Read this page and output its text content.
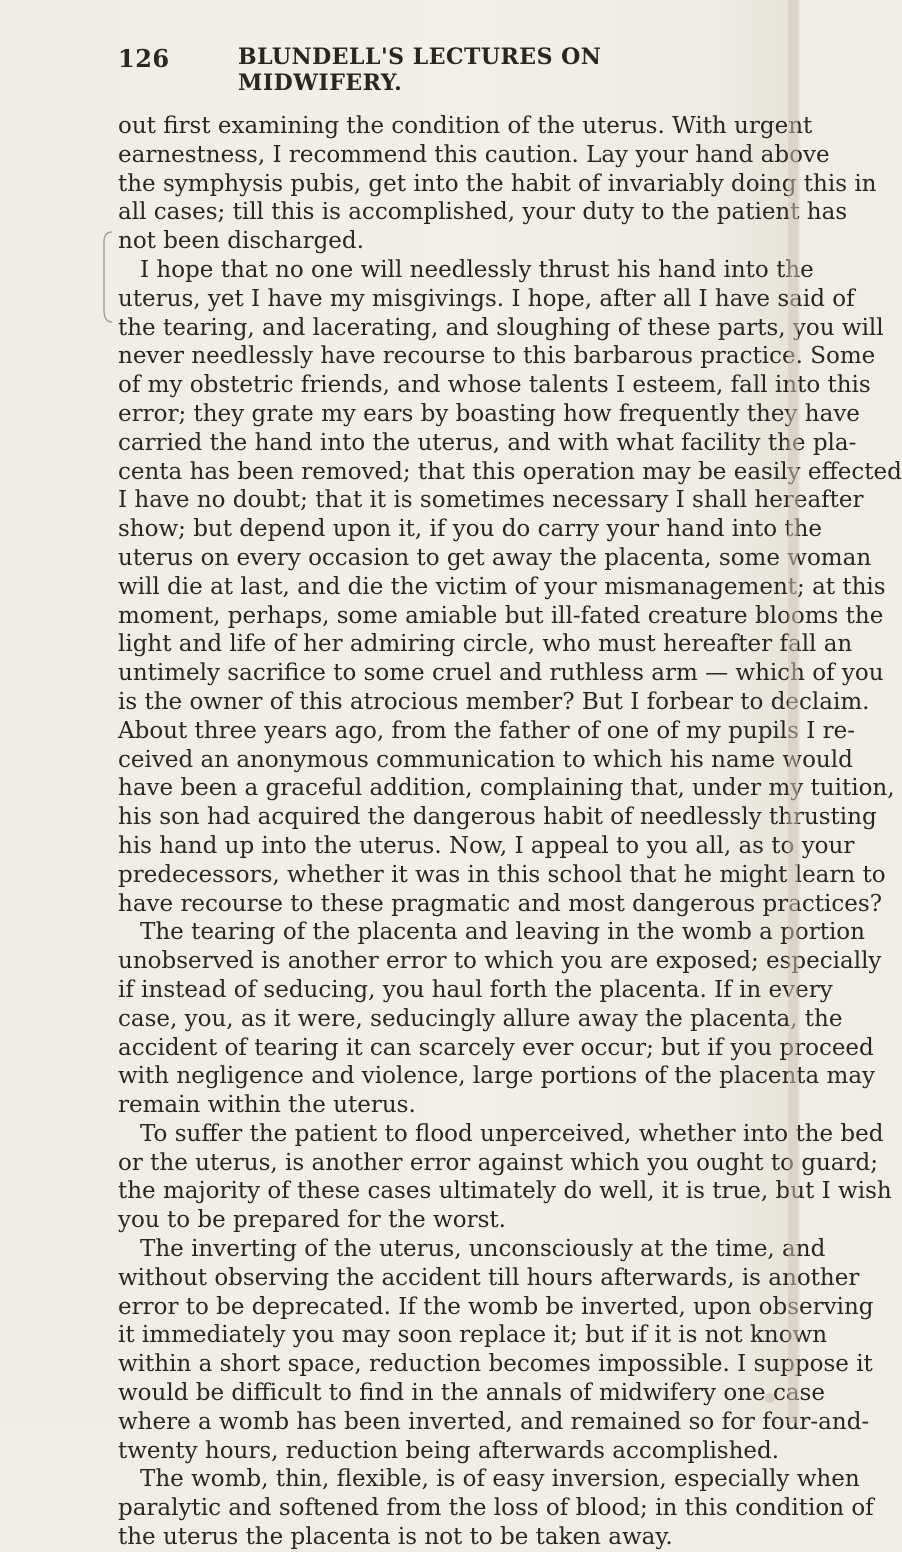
126	BLUNDELL'S LECTURES ON MIDWIFERY.
out first examining the condition of the uterus. With urgent
earnestness, I recommend this caution. Lay your hand above
the symphysis pubis, get into the habit of invariably doing this in
all cases; till this is accomplished, your duty to the patient has
not been discharged.
I hope that no one will needlessly thrust his hand into the
uterus, yet I have my misgivings. I hope, after all I have said of
the tearing, and lacerating, and sloughing of these parts, you will
never needlessly have recourse to this barbarous practice. Some
of my obstetric friends, and whose talents I esteem, fall into this
error; they grate my ears by boasting how frequently they have
carried the hand into the uterus, and with what facility the pla-
centa has been removed; that this operation may be easily effected
I have no doubt; that it is sometimes necessary I shall hereafter
show; but depend upon it, if you do carry your hand into the
uterus on every occasion to get away the placenta, some woman
will die at last, and die the victim of your mismanagement; at this
moment, perhaps, some amiable but ill-fated creature blooms the
light and life of her admiring circle, who must hereafter fall an
untimely sacrifice to some cruel and ruthless arm — which of you
is the owner of this atrocious member? But I forbear to declaim.
About three years ago, from the father of one of my pupils I re-
ceived an anonymous communication to which his name would
have been a graceful addition, complaining that, under my tuition,
his son had acquired the dangerous habit of needlessly thrusting
his hand up into the uterus. Now, I appeal to you all, as to your
predecessors, whether it was in this school that he might learn to
have recourse to these pragmatic and most dangerous practices?
The tearing of the placenta and leaving in the womb a portion
unobserved is another error to which you are exposed; especially
if instead of seducing, you haul forth the placenta. If in every
case, you, as it were, seducingly allure away the placenta, the
accident of tearing it can scarcely ever occur; but if you proceed
with negligence and violence, large portions of the placenta may
remain within the uterus.
To suffer the patient to flood unperceived, whether into the bed
or the uterus, is another error against which you ought to guard;
the majority of these cases ultimately do well, it is true, but I wish
you to be prepared for the worst.
The inverting of the uterus, unconsciously at the time, and
without observing the accident till hours afterwards, is another
error to be deprecated. If the womb be inverted, upon observing
it immediately you may soon replace it; but if it is not known
within a short space, reduction becomes impossible. I suppose it
would be difficult to find in the annals of midwifery one case
where a womb has been inverted, and remained so for four-and-
twenty hours, reduction being afterwards accomplished.
The womb, thin, flexible, is of easy inversion, especially when
paralytic and softened from the loss of blood; in this condition of
the uterus the placenta is not to be taken away.
